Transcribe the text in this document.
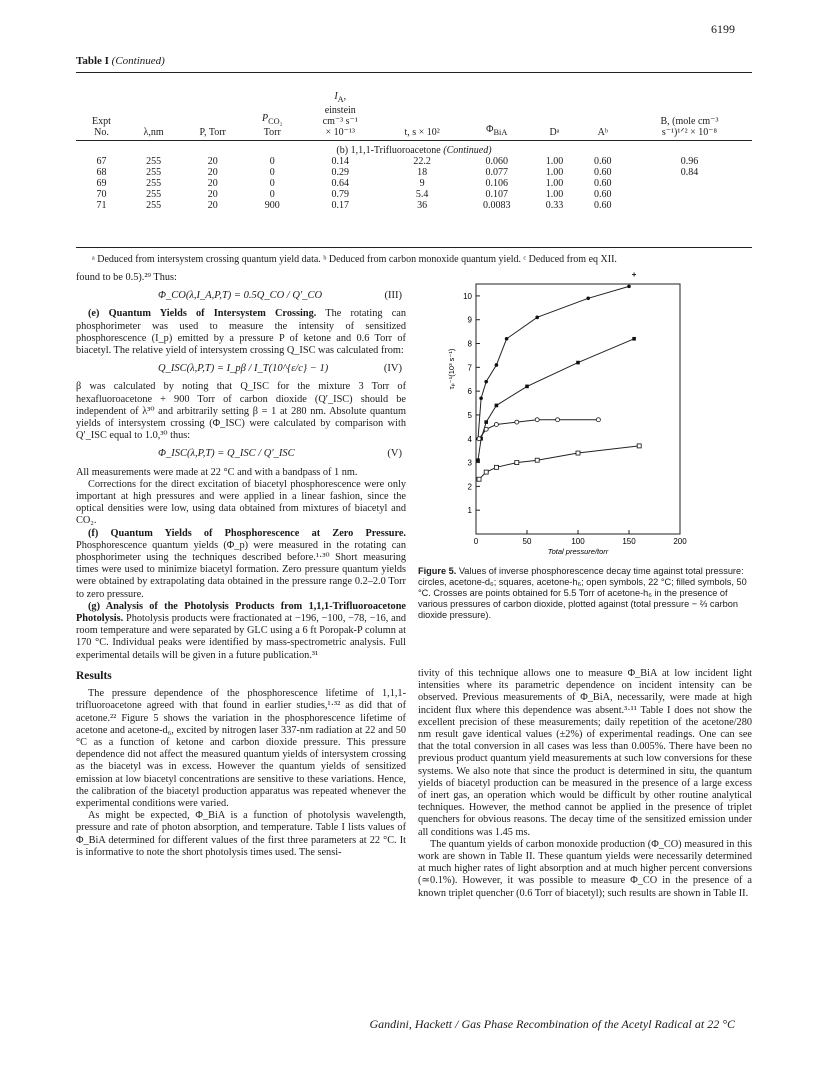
6199
Table I (Continued)
Expt
No.	λ,nm	P, Torr	$P_{CO_2}$
Torr	$I_A$,
einstein
cm⁻³ s⁻¹
× 10⁻¹³	t, s × 10²	$\Phi_{BiA}$	Dᵃ	Aᵇ	B, (mole cm⁻³
s⁻¹)¹ᐟ² × 10⁻⁸
(b) 1,1,1-Trifluoroacetone (Continued)									
67	255	20	0	0.14	22.2	0.060	1.00	0.60	0.96
68	255	20	0	0.29	18	0.077	1.00	0.60	0.84
69	255	20	0	0.64	9	0.106	1.00	0.60	
70	255	20	0	0.79	5.4	0.107	1.00	0.60	
71	255	20	900	0.17	36	0.0083	0.33	0.60	
ᵃ Deduced from intersystem crossing quantum yield data. ᵇ Deduced from carbon monoxide quantum yield. ᶜ Deduced from eq XII.

found to be 0.5).²⁹ Thus:

Φ_CO(λ,I_A,P,T) = 0.5Q_CO / Q′_CO	(III)

(e) Quantum Yields of Intersystem Crossing. The rotating can phosphorimeter was used to measure the intensity of sensitized phosphorescence (I_p) emitted by a pressure P of ketone and 0.6 Torr of biacetyl. The relative yield of intersystem crossing Q_ISC was calculated from:

Q_ISC(λ,P,T) = I_pβ / I_T(10^{ε/c} − 1)	(IV)

β was calculated by noting that Q_ISC for the mixture 3 Torr of hexafluoroacetone + 900 Torr of carbon dioxide (Q′_ISC) should be independent of λ³⁰ and arbitrarily setting β = 1 at 280 nm. Absolute quantum yields of intersystem crossing (Φ_ISC) were calculated by comparison with Q′_ISC equal to 1.0,³⁰ thus:

Φ_ISC(λ,P,T) = Q_ISC / Q′_ISC	(V)

All measurements were made at 22 °C and with a bandpass of 1 nm.

Corrections for the direct excitation of biacetyl phosphorescence were only important at high pressures and were applied in a linear fashion, since the optical densities were low, using data obtained from mixtures of biacetyl and CO₂.

(f) Quantum Yields of Phosphorescence at Zero Pressure. Phosphorescence quantum yields (Φ_p) were measured in the rotating can phosphorimeter using the techniques described before.¹·³⁰ Short measuring times were used to minimize biacetyl formation. Zero pressure quantum yields were obtained by extrapolating data obtained in the pressure range 0.2–2.0 Torr to zero pressure.

(g) Analysis of the Photolysis Products from 1,1,1-Trifluoroacetone Photolysis. Photolysis products were fractionated at −196, −100, −78, −16, and room temperature and were separated by GLC using a 6 ft Poropak-P column at 170 °C. Individual peaks were identified by mass-spectrometric analysis. Full experimental details will be given in a future publication.³¹

Results

The pressure dependence of the phosphorescence lifetime of 1,1,1-trifluoroacetone agreed with that found in earlier studies,¹·³² as did that of acetone.²² Figure 5 shows the variation in the phosphorescence lifetime of acetone and acetone-d₆, excited by nitrogen laser 337-nm radiation at 22 and 50 °C as a function of ketone and carbon dioxide pressure. This pressure dependence did not affect the measured quantum yields of intersystem crossing as the biacetyl was in excess. However the quantum yields of sensitized emission at low biacetyl concentrations are sensitive to these variations. Hence, the calibration of the biacetyl production apparatus was repeated whenever the experimental conditions were varied.

As might be expected, Φ_BiA is a function of photolysis wavelength, pressure and rate of photon absorption, and temperature. Table I lists values of Φ_BiA determined for different values of the first three parameters at 22 °C. It is informative to note the short photolysis times used. The sensi-

0	50	100	150	200
1
2
3
4
5
6
7
8
9
10
Total pressure/torr
τₚ⁻¹(10³ s⁻¹)
Figure 5. Values of inverse phosphorescence decay time against total pressure: circles, acetone-d₆; squares, acetone-h₆; open symbols, 22 °C; filled symbols, 50 °C. Crosses are points obtained for 5.5 Torr of acetone-h₆ in the presence of various pressures of carbon dioxide, plotted against (total pressure − ⅔ carbon dioxide pressure).

tivity of this technique allows one to measure Φ_BiA at low incident light intensities where its parametric dependence on incident intensity can be observed. Previous measurements of Φ_BiA, necessarily, were made at high incident flux where this dependence was absent.³·¹¹ Table I does not show the excellent precision of these measurements; daily repetition of the acetone/280 nm result gave identical values (±2%) of experimental readings. One can see that the total conversion in all cases was less than 0.005%. There have been no previous product quantum yield measurements at such low conversions for these systems. We also note that since the product is determined in situ, the quantum yields of biacetyl production can be measured in the presence of a large excess of inert gas, an operation which would be difficult by other routine analytical techniques. However, the method cannot be applied in the presence of triplet quenchers for obvious reasons. The decay time of the sensitized emission under all conditions was 1.45 ms.

The quantum yields of carbon monoxide production (Φ_CO) measured in this work are shown in Table II. These quantum yields were necessarily determined at much higher rates of light absorption and at much higher percent conversions (≃0.1%). However, it was possible to measure Φ_CO in the presence of a known triplet quencher (0.6 Torr of biacetyl); such results are shown in Table II.

Gandini, Hackett / Gas Phase Recombination of the Acetyl Radical at 22 °C
